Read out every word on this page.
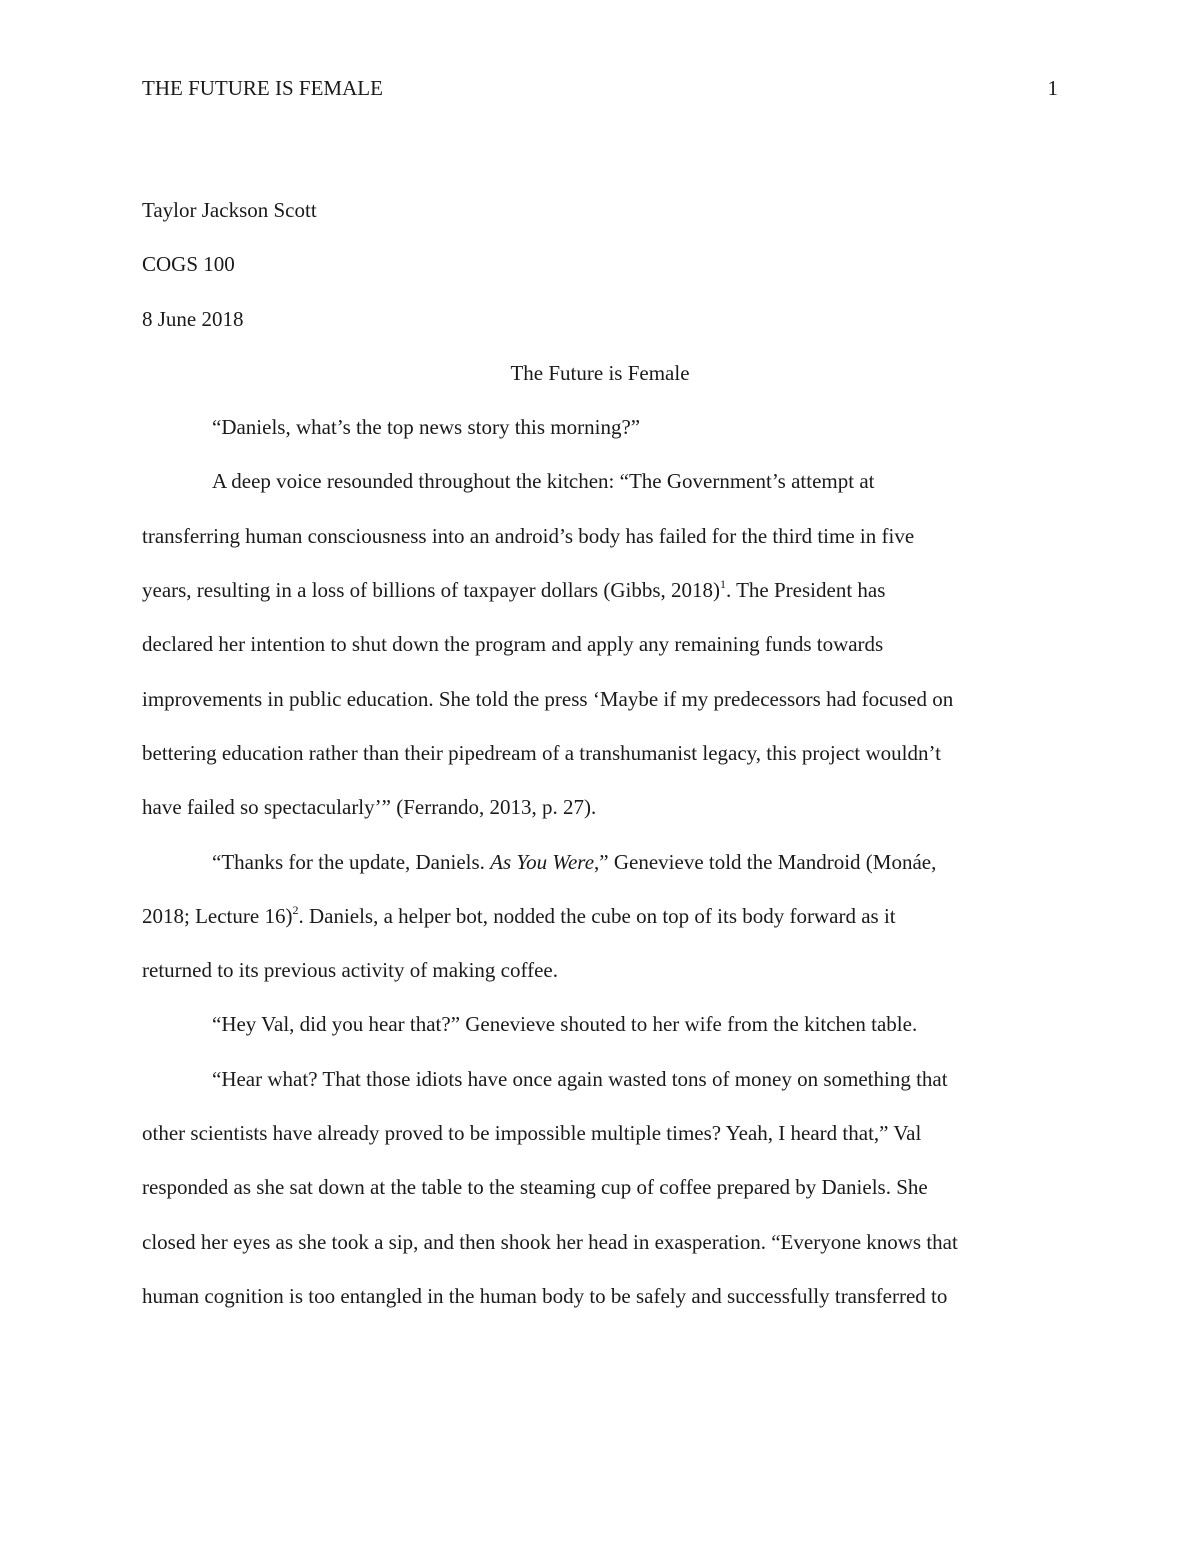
THE FUTURE IS FEMALE	1
Taylor Jackson Scott
COGS 100
8 June 2018
The Future is Female
“Daniels, what’s the top news story this morning?”
A deep voice resounded throughout the kitchen: “The Government’s attempt at
transferring human consciousness into an android’s body has failed for the third time in five
years, resulting in a loss of billions of taxpayer dollars (Gibbs, 2018)$^1$. The President has
declared her intention to shut down the program and apply any remaining funds towards
improvements in public education. She told the press ‘Maybe if my predecessors had focused on
bettering education rather than their pipedream of a transhumanist legacy, this project wouldn’t
have failed so spectacularly’” (Ferrando, 2013, p. 27).
“Thanks for the update, Daniels. As You Were,” Genevieve told the Mandroid (Monáe,
2018; Lecture 16)$^2$. Daniels, a helper bot, nodded the cube on top of its body forward as it
returned to its previous activity of making coffee.
“Hey Val, did you hear that?” Genevieve shouted to her wife from the kitchen table.
“Hear what? That those idiots have once again wasted tons of money on something that
other scientists have already proved to be impossible multiple times? Yeah, I heard that,” Val
responded as she sat down at the table to the steaming cup of coffee prepared by Daniels. She
closed her eyes as she took a sip, and then shook her head in exasperation. “Everyone knows that
human cognition is too entangled in the human body to be safely and successfully transferred to
